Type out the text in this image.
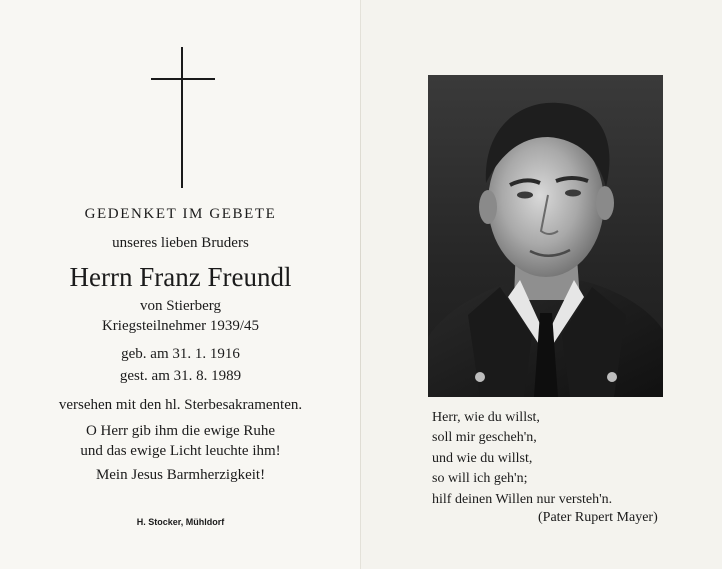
GEDENKET IM GEBETE
unseres lieben Bruders
Herrn Franz Freundl
von Stierberg
Kriegsteilnehmer 1939/45
geb. am 31. 1. 1916
gest. am 31. 8. 1989
versehen mit den hl. Sterbesakramenten.
O Herr gib ihm die ewige Ruhe
und das ewige Licht leuchte ihm!
Mein Jesus Barmherzigkeit!
H. Stocker, Mühldorf
Herr, wie du willst,
soll mir gescheh'n,
und wie du willst,
so will ich geh'n;
hilf deinen Willen nur versteh'n.
(Pater Rupert Mayer)
